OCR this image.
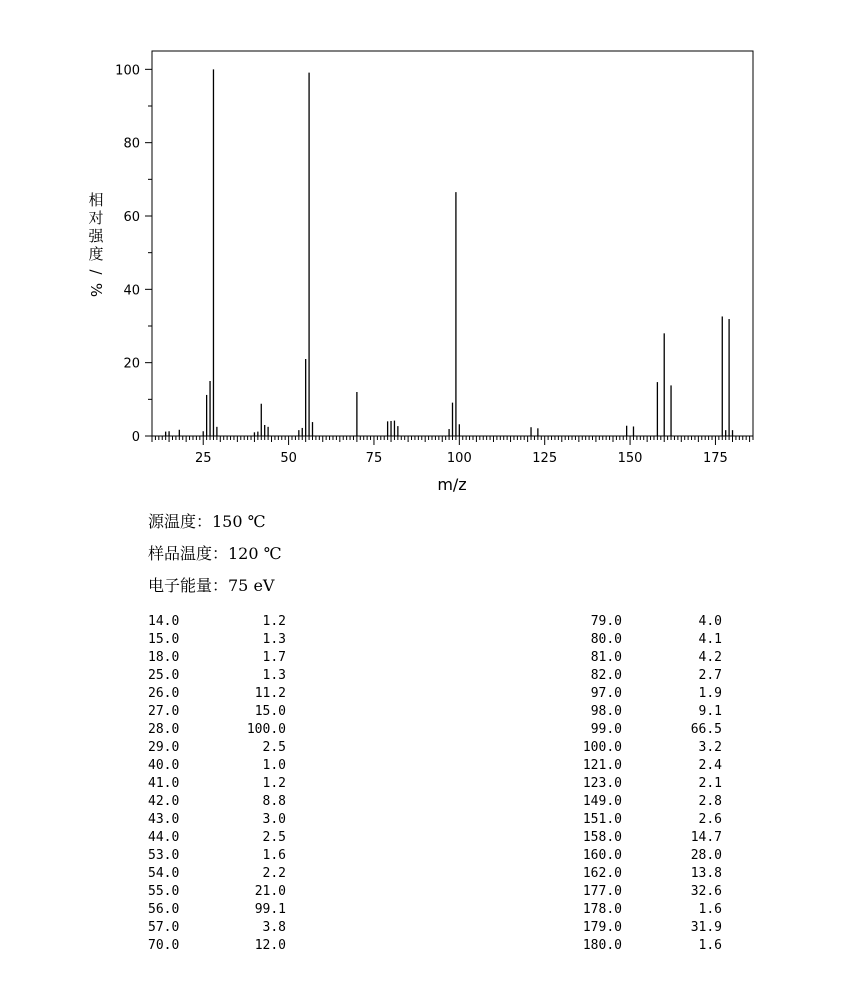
0
20
40
60
80
100
25	50	75	100	125	150	175
m/z
相
对
强
度
/
%
源温度：150 ℃
样品温度：120 ℃
电子能量：75 eV
14.0	1.2
15.0	1.3
18.0	1.7
25.0	1.3
26.0	11.2
27.0	15.0
28.0	100.0
29.0	2.5
40.0	1.0
41.0	1.2
42.0	8.8
43.0	3.0
44.0	2.5
53.0	1.6
54.0	2.2
55.0	21.0
56.0	99.1
57.0	3.8
70.0	12.0
79.0	4.0
80.0	4.1
81.0	4.2
82.0	2.7
97.0	1.9
98.0	9.1
99.0	66.5
100.0	3.2
121.0	2.4
123.0	2.1
149.0	2.8
151.0	2.6
158.0	14.7
160.0	28.0
162.0	13.8
177.0	32.6
178.0	1.6
179.0	31.9
180.0	1.6
